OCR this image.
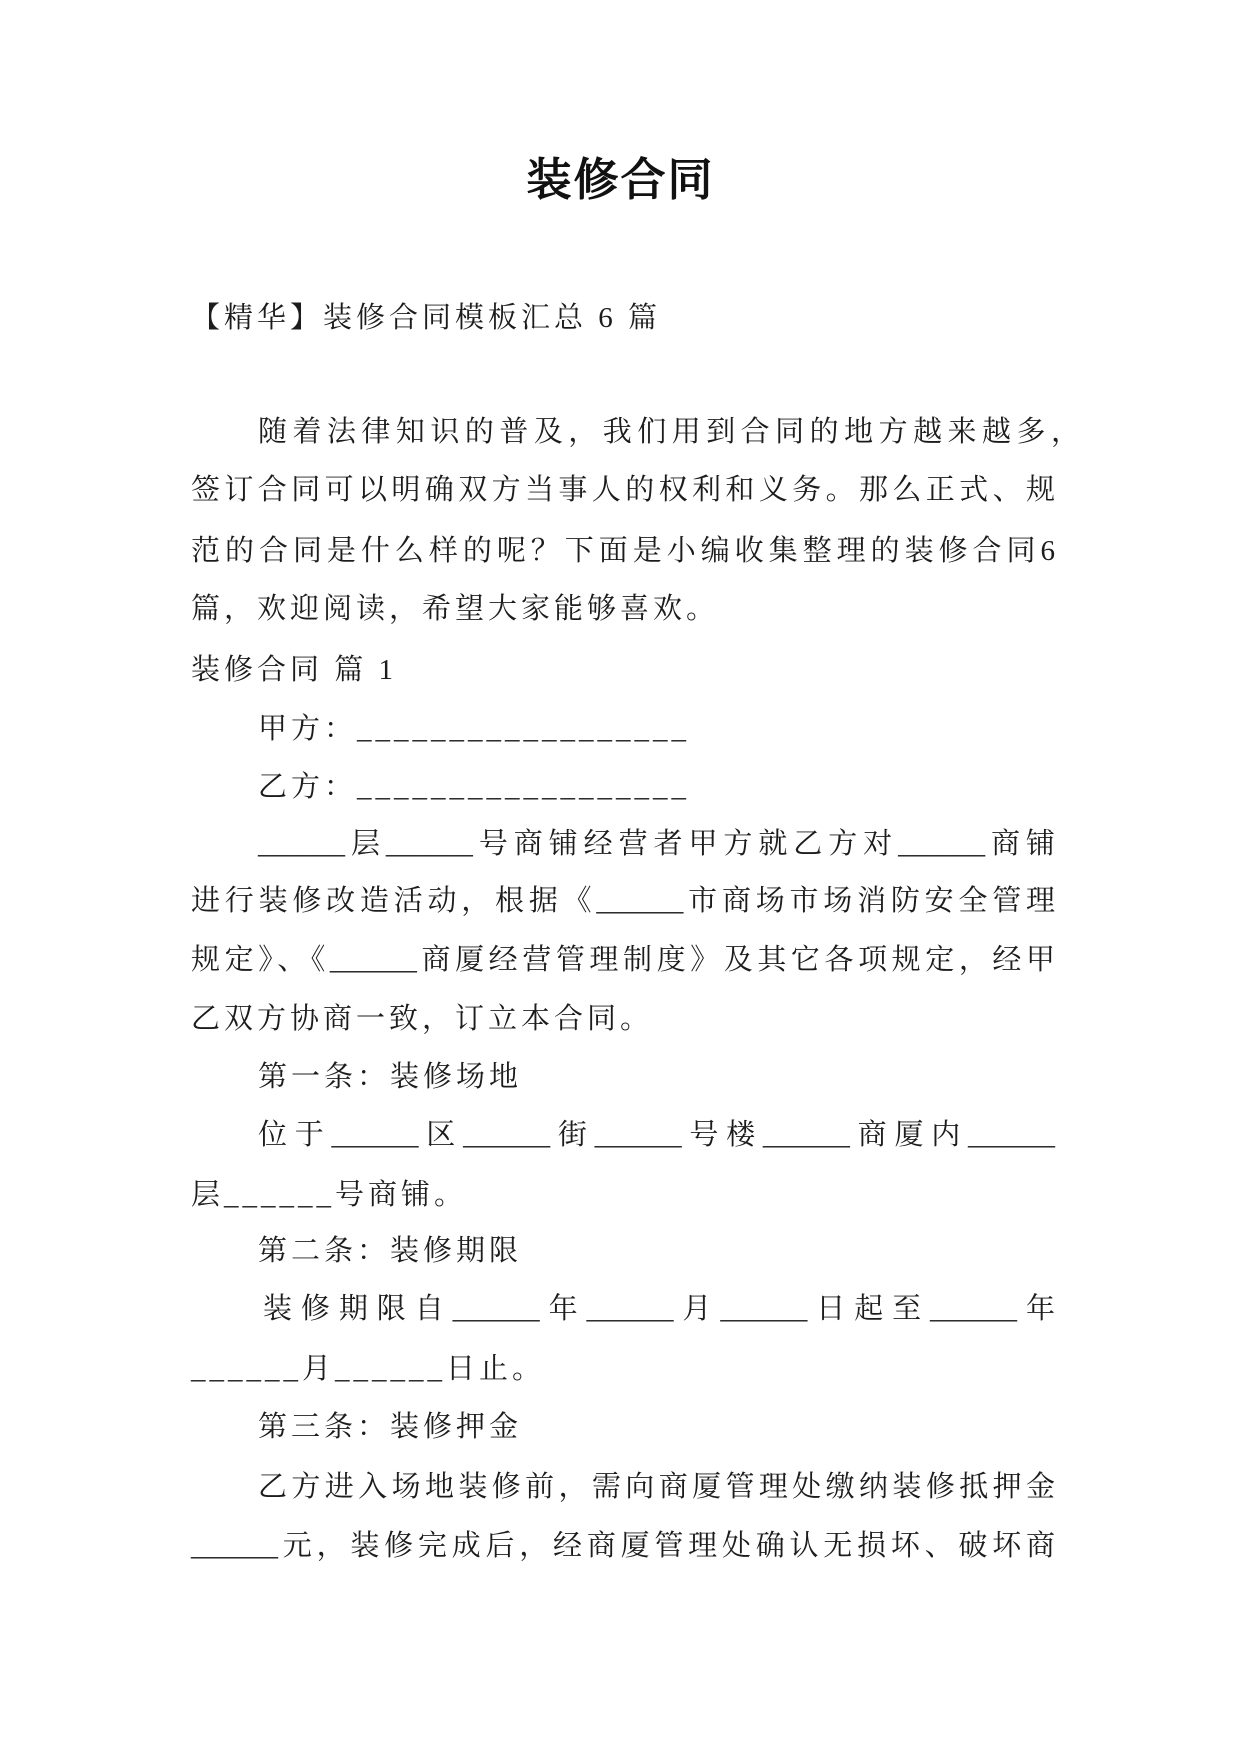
装修合同
【精华】装修合同模板汇总 6 篇
随着法律知识的普及，我们用到合同的地方越来越多，
签订合同可以明确双方当事人的权利和义务。那么正式、规
范的合同是什么样的呢？下面是小编收集整理的装修合同6
篇，欢迎阅读，希望大家能够喜欢。
装修合同 篇 1
甲方：__________________
乙方：__________________
______层______号商铺经营者甲方就乙方对______商铺
进行装修改造活动，根据《______市商场市场消防安全管理
规定》、《______商厦经营管理制度》及其它各项规定，经甲
乙双方协商一致，订立本合同。
第一条：装修场地
位于______区______街______号楼______商厦内______
层______号商铺。
第二条：装修期限
装修期限自______年______月______日起至______年
______月______日止。
第三条：装修押金
乙方进入场地装修前，需向商厦管理处缴纳装修抵押金
______元，装修完成后，经商厦管理处确认无损坏、破坏商
